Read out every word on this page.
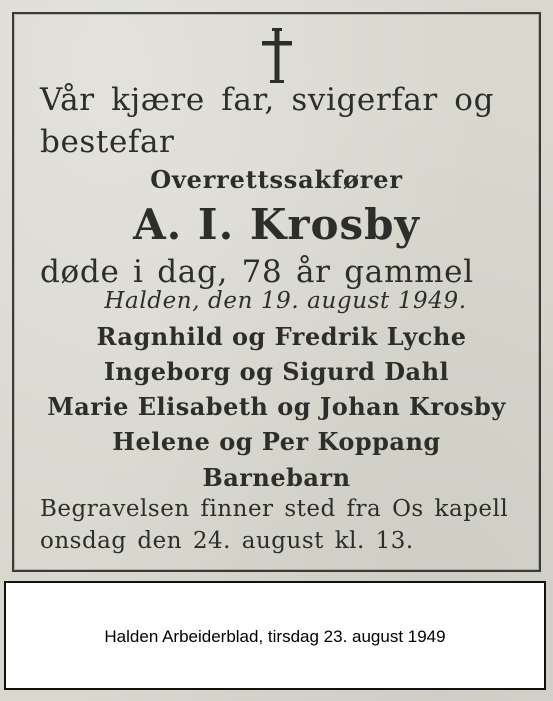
Vår kjære far, svigerfar og
bestefar
Overrettssakfører
A. I. Krosby
døde i dag, 78 år gammel
Halden, den 19. august 1949.
Ragnhild og Fredrik Lyche
Ingeborg og Sigurd Dahl
Marie Elisabeth og Johan Krosby
Helene og Per Koppang
Barnebarn
Begravelsen finner sted fra Os kapell
onsdag den 24. august kl. 13.
Halden Arbeiderblad, tirsdag 23. august 1949
